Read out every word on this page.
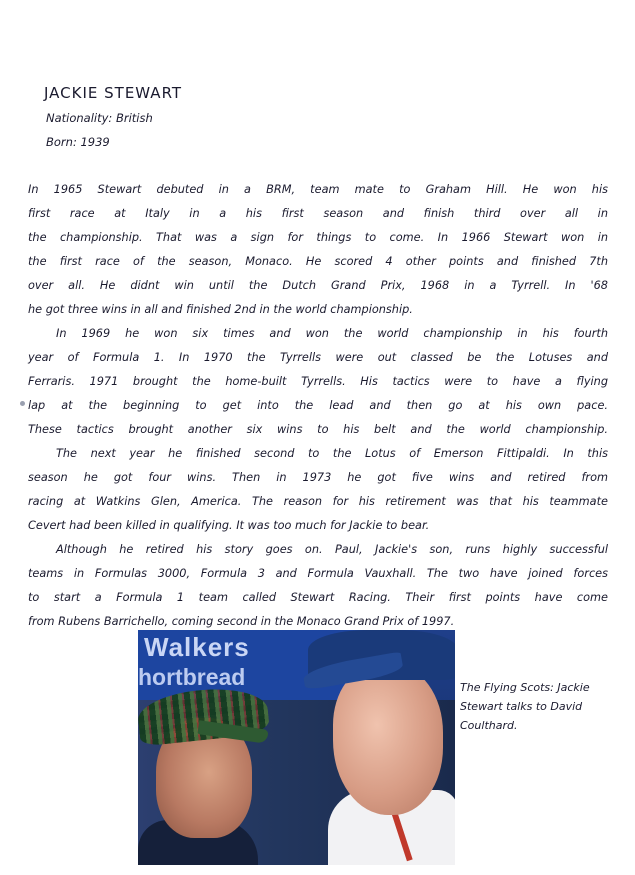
JACKIE STEWART
Nationality: British
Born: 1939
In 1965 Stewart debuted in a BRM, team mate to Graham Hill. He won his
first race at Italy in a his first season and finish third over all in
the championship. That was a sign for things to come. In 1966 Stewart won in
the first race of the season, Monaco. He scored 4 other points and finished 7th
over all. He didnt win until the Dutch Grand Prix, 1968 in a Tyrrell. In '68
he got three wins in all and finished 2nd in the world championship.
In 1969 he won six times and won the world championship in his fourth
year of Formula 1. In 1970 the Tyrrells were out classed be the Lotuses and
Ferraris. 1971 brought the home-built Tyrrells. His tactics were to have a flying
lap at the beginning to get into the lead and then go at his own pace.
These tactics brought another six wins to his belt and the world championship.
The next year he finished second to the Lotus of Emerson Fittipaldi. In this
season he got four wins. Then in 1973 he got five wins and retired from
racing at Watkins Glen, America. The reason for his retirement was that his teammate
Cevert had been killed in qualifying. It was too much for Jackie to bear.
Although he retired his story goes on. Paul, Jackie's son, runs highly successful
teams in Formulas 3000, Formula 3 and Formula Vauxhall. The two have joined forces
to start a Formula 1 team called Stewart Racing. Their first points have come
from Rubens Barrichello, coming second in the Monaco Grand Prix of 1997.
Walkers
hortbread	The Flying Scots: Jackie
Stewart talks to David
Coulthard.
